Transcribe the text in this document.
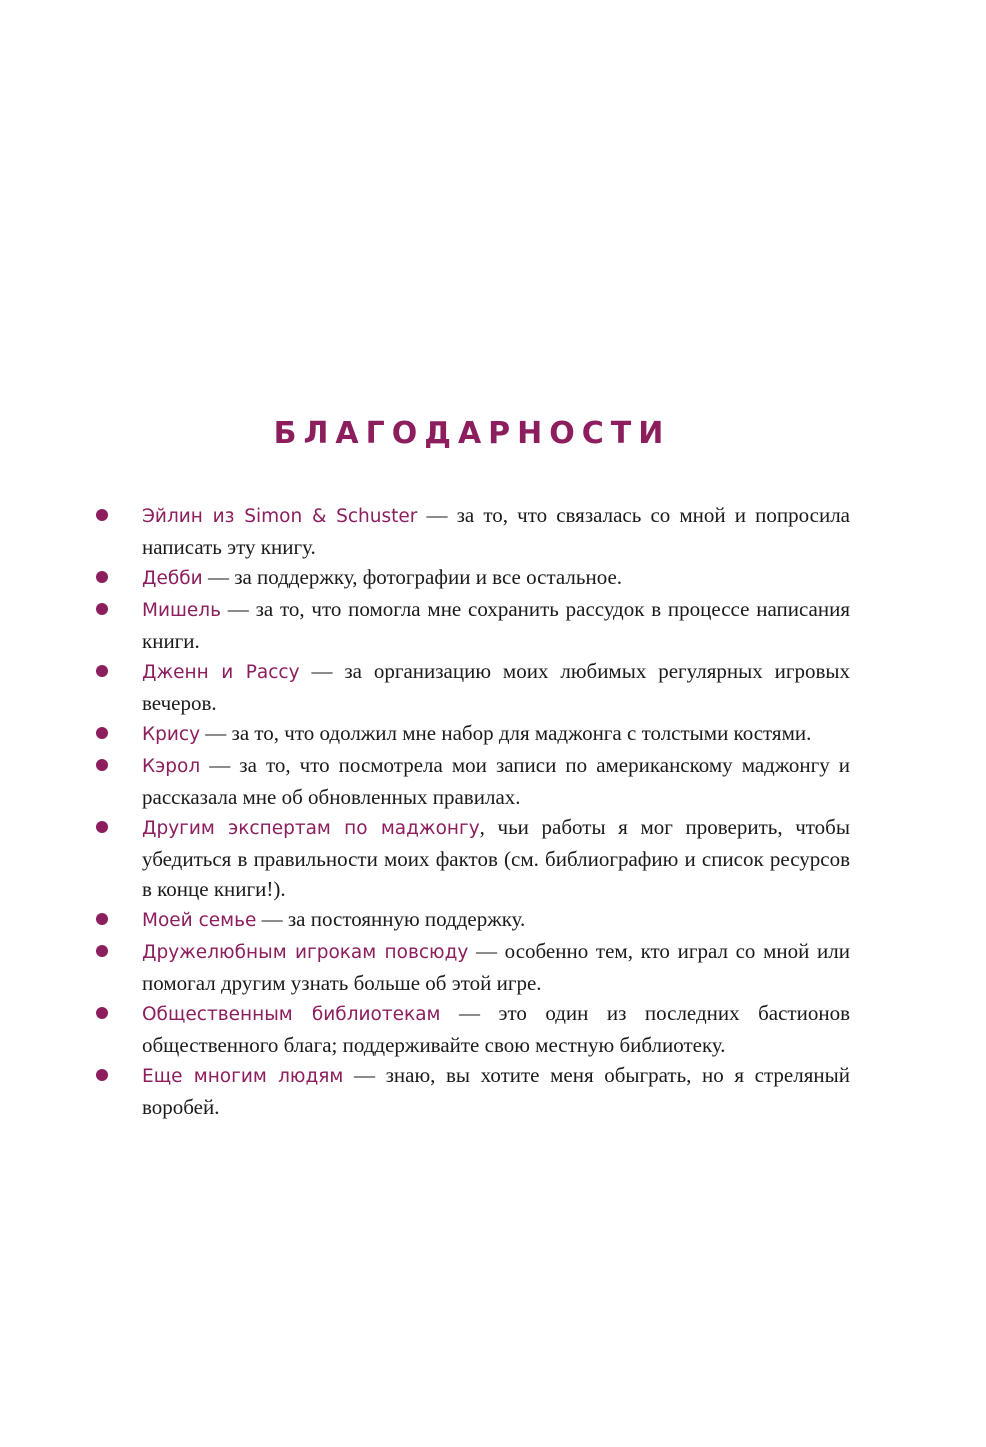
БЛАГОДАРНОСТИ
Эйлин из Simon & Schuster — за то, что связалась со мной и попросила написать эту книгу.
Дебби — за поддержку, фотографии и все остальное.
Мишель — за то, что помогла мне сохранить рассудок в процессе написания книги.
Дженн и Рассу — за организацию моих любимых регулярных игровых вечеров.
Крису — за то, что одолжил мне набор для маджонга с толстыми костями.
Кэрол — за то, что посмотрела мои записи по американскому маджонгу и рассказала мне об обновленных правилах.
Другим экспертам по маджонгу, чьи работы я мог проверить, чтобы убедиться в правильности моих фактов (см. библиографию и список ресурсов в конце книги!).
Моей семье — за постоянную поддержку.
Дружелюбным игрокам повсюду — особенно тем, кто играл со мной или помогал другим узнать больше об этой игре.
Общественным библиотекам — это один из последних бастионов общественного блага; поддерживайте свою местную библиотеку.
Еще многим людям — знаю, вы хотите меня обыграть, но я стреляный воробей.
